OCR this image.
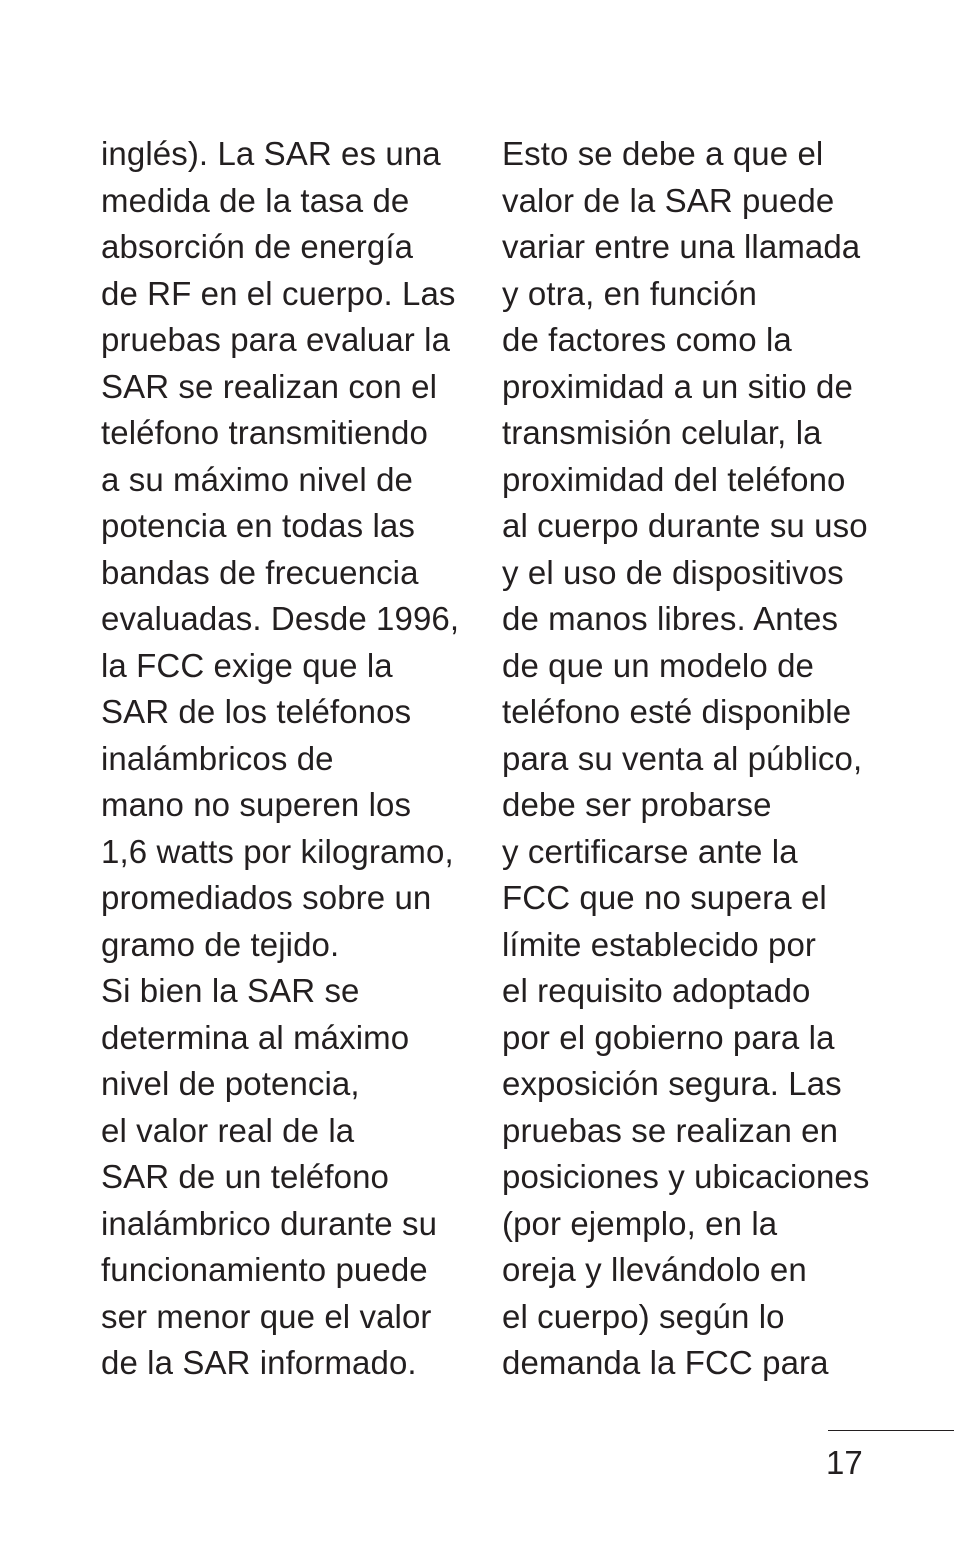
inglés). La SAR es una
medida de la tasa de
absorción de energía
de RF en el cuerpo. Las
pruebas para evaluar la
SAR se realizan con el
teléfono transmitiendo
a su máximo nivel de
potencia en todas las
bandas de frecuencia
evaluadas. Desde 1996,
la FCC exige que la
SAR de los teléfonos
inalámbricos de
mano no superen los
1,6 watts por kilogramo,
promediados sobre un
gramo de tejido.
Si bien la SAR se
determina al máximo
nivel de potencia,
el valor real de la
SAR de un teléfono
inalámbrico durante su
funcionamiento puede
ser menor que el valor
de la SAR informado.
Esto se debe a que el
valor de la SAR puede
variar entre una llamada
y otra, en función
de factores como la
proximidad a un sitio de
transmisión celular, la
proximidad del teléfono
al cuerpo durante su uso
y el uso de dispositivos
de manos libres. Antes
de que un modelo de
teléfono esté disponible
para su venta al público,
debe ser probarse
y certificarse ante la
FCC que no supera el
límite establecido por
el requisito adoptado
por el gobierno para la
exposición segura. Las
pruebas se realizan en
posiciones y ubicaciones
(por ejemplo, en la
oreja y llevándolo en
el cuerpo) según lo
demanda la FCC para
17
